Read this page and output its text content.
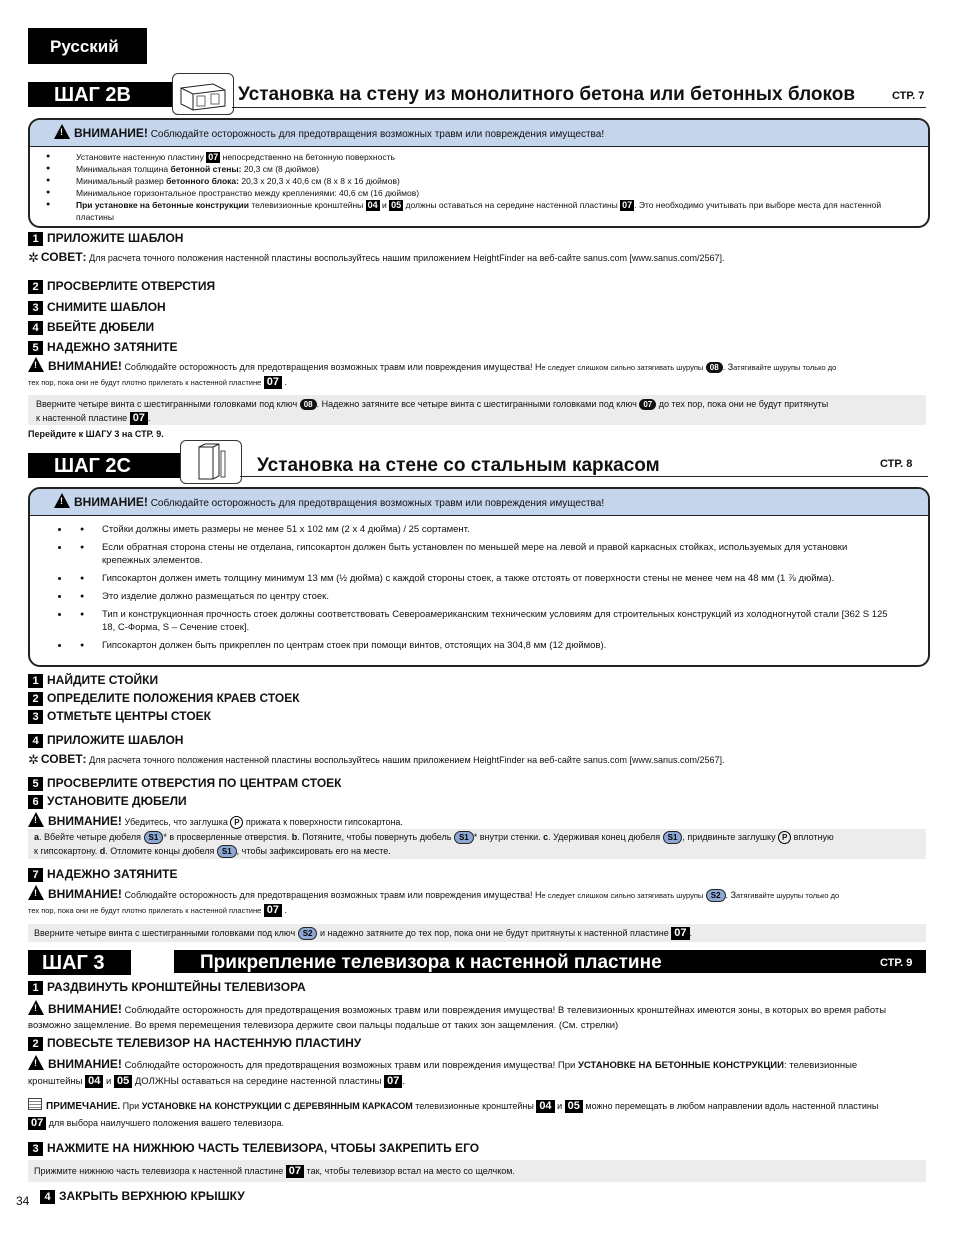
Русский
ШАГ 2B	Установка на стену из монолитного бетона или бетонных блоков	СТР. 7
!ВНИМАНИЕ! Соблюдайте осторожность для предотвращения возможных травм или повреждения имущества!
● Установите настенную пластину 07 непосредственно на бетонную поверхность
● Минимальная толщина бетонной стены: 20,3 см (8 дюймов)
● Минимальный размер бетонного блока: 20,3 x 20,3 x 40,6 см (8 x 8 x 16 дюймов)
● Минимальное горизонтальное пространство между креплениями: 40,6 см (16 дюймов)
● При установке на бетонные конструкции телевизионные кронштейны 04 и 05 должны оставаться на середине настенной пластины 07 . Это необходимо учитывать при выборе места для настенной пластины
1 ПРИЛОЖИТЕ ШАБЛОН
✲ СОВЕТ: Для расчета точного положения настенной пластины воспользуйтесь нашим приложением HeightFinder на веб-сайте sanus.com [www.sanus.com/2567].
2 ПРОСВЕРЛИТЕ ОТВЕРСТИЯ
3 СНИМИТЕ ШАБЛОН
4 ВБЕЙТЕ ДЮБЕЛИ
5 НАДЕЖНО ЗАТЯНИТЕ
!ВНИМАНИЕ! Соблюдайте осторожность для предотвращения возможных травм или повреждения имущества! Не следует слишком сильно затягивать шурупы 08 . Затягивайте шурупы только до
тех пор, пока они не будут плотно прилегать к настенной пластине 07 .
Вверните четыре винта с шестигранными головками под ключ 08 . Надежно затяните все четыре винта с шестигранными головками под ключ 07 до тех пор, пока они не будут притянуты
к настенной пластине 07 .
Перейдите к ШАГУ 3 на СТР. 9.
ШАГ 2C	Установка на стене со стальным каркасом	СТР. 8
!ВНИМАНИЕ! Соблюдайте осторожность для предотвращения возможных травм или повреждения имущества!
● • Стойки должны иметь размеры не менее 51 x 102 мм (2 x 4 дюйма) / 25 сортамент.
● • Если обратная сторона стены не отделана, гипсокартон должен быть установлен по меньшей мере на левой и правой каркасных стойках, используемых для установки крепежных элементов.
● • Гипсокартон должен иметь толщину минимум 13 мм (½ дюйма) с каждой стороны стоек, а также отстоять от поверхности стены не менее чем на 48 мм (1 ⅞ дюйма).
● • Это изделие должно размещаться по центру стоек.
● • Тип и конструкционная прочность стоек должны соответствовать Североамериканским техническим условиям для строительных конструкций из холодногнутой стали [362 S 125 18, С-Форма, S – Сечение стоек].
● • Гипсокартон должен быть прикреплен по центрам стоек при помощи винтов, отстоящих на 304,8 мм (12 дюймов).
1 НАЙДИТЕ СТОЙКИ
2 ОПРЕДЕЛИТЕ ПОЛОЖЕНИЯ КРАЕВ СТОЕК
3 ОТМЕТЬТЕ ЦЕНТРЫ СТОЕК
4 ПРИЛОЖИТЕ ШАБЛОН
✲ СОВЕТ: Для расчета точного положения настенной пластины воспользуйтесь нашим приложением HeightFinder на веб-сайте sanus.com [www.sanus.com/2567].
5 ПРОСВЕРЛИТЕ ОТВЕРСТИЯ ПО ЦЕНТРАМ СТОЕК
6 УСТАНОВИТЕ ДЮБЕЛИ
!ВНИМАНИЕ! Убедитесь, что заглушка P прижата к поверхности гипсокартона.
а. Вбейте четыре дюбеля S1 * в просверленные отверстия. b. Потяните, чтобы повернуть дюбель S1 * внутри стенки. c. Удерживая конец дюбеля S1 , придвиньте заглушку P вплотную
к гипсокартону. d. Отломите концы дюбеля S1 , чтобы зафиксировать его на месте.
7 НАДЕЖНО ЗАТЯНИТЕ
!ВНИМАНИЕ! Соблюдайте осторожность для предотвращения возможных травм или повреждения имущества! Не следует слишком сильно затягивать шурупы S2 . Затягивайте шурупы только до
тех пор, пока они не будут плотно прилегать к настенной пластине 07 .
Вверните четыре винта с шестигранными головками под ключ S2 и надежно затяните до тех пор, пока они не будут притянуты к настенной пластине 07 .
ШАГ 3	Прикрепление телевизора к настенной пластине	СТР. 9
1 РАЗДВИНУТЬ КРОНШТЕЙНЫ ТЕЛЕВИЗОРА
!ВНИМАНИЕ! Соблюдайте осторожность для предотвращения возможных травм или повреждения имущества! В телевизионных кронштейнах имеются зоны, в которых во время работы возможно защемление. Во время перемещения телевизора держите свои пальцы подальше от таких зон защемления. (См. стрелки)
2 ПОВЕСЬТЕ ТЕЛЕВИЗОР НА НАСТЕННУЮ ПЛАСТИНУ
!ВНИМАНИЕ! Соблюдайте осторожность для предотвращения возможных травм или повреждения имущества! При УСТАНОВКЕ НА БЕТОННЫЕ КОНСТРУКЦИИ: телевизионные
кронштейны 04 и 05 ДОЛЖНЫ оставаться на середине настенной пластины 07 .
ПРИМЕЧАНИЕ. При УСТАНОВКЕ НА КОНСТРУКЦИИ С ДЕРЕВЯННЫМ КАРКАСОМ телевизионные кронштейны 04 и 05 можно перемещать в любом направлении вдоль настенной пластины
07 для выбора наилучшего положения вашего телевизора.
3 НАЖМИТЕ НА НИЖНЮЮ ЧАСТЬ ТЕЛЕВИЗОРА, ЧТОБЫ ЗАКРЕПИТЬ ЕГО
Прижмите нижнюю часть телевизора к настенной пластине 07 так, чтобы телевизор встал на место со щелчком.
34	4 ЗАКРЫТЬ ВЕРХНЮЮ КРЫШКУ
